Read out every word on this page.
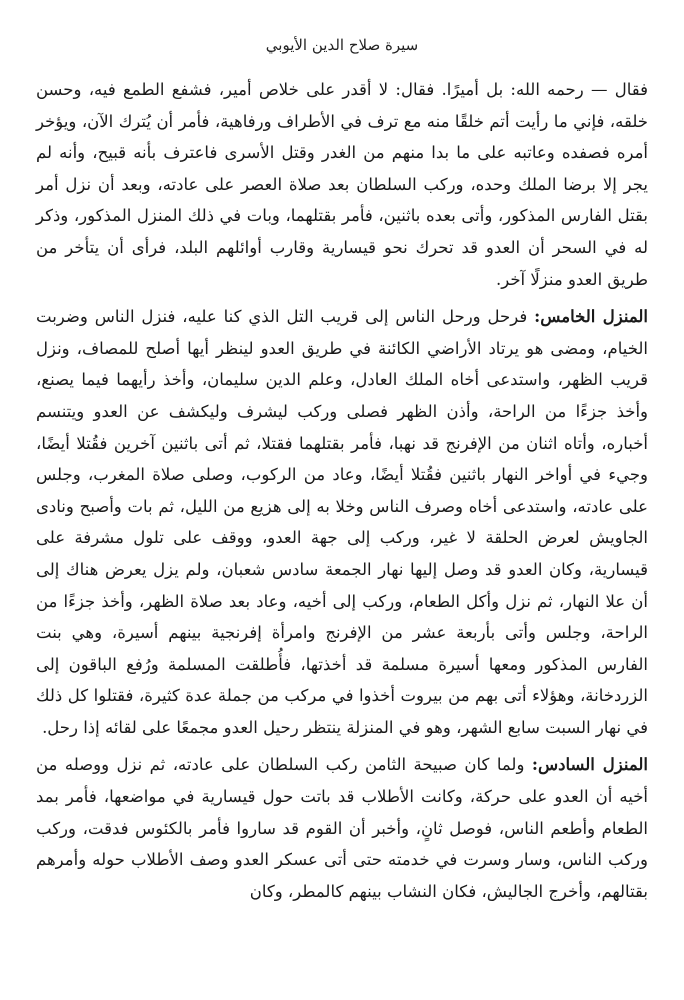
سيرة صلاح الدين الأيوبي

فقال — رحمه الله: بل أميرًا. فقال: لا أقدر على خلاص أمير، فشفع الطمع فيه، وحسن خلقه، فإني ما رأيت أتم خلقًا منه مع ترف في الأطراف ورفاهية، فأمر أن يُترك الآن، ويؤخر أمره فصفده وعاتبه على ما بدا منهم من الغدر وقتل الأسرى فاعترف بأنه قبيح، وأنه لم يجر إلا برضا الملك وحده، وركب السلطان بعد صلاة العصر على عادته، وبعد أن نزل أمر بقتل الفارس المذكور، وأتى بعده باثنين، فأمر بقتلهما، وبات في ذلك المنزل المذكور، وذكر له في السحر أن العدو قد تحرك نحو قيسارية وقارب أوائلهم البلد، فرأى أن يتأخر من طريق العدو منزلًا آخر.

المنزل الخامس: فرحل ورحل الناس إلى قريب التل الذي كنا عليه، فنزل الناس وضربت الخيام، ومضى هو يرتاد الأراضي الكائنة في طريق العدو لينظر أيها أصلح للمصاف، ونزل قريب الظهر، واستدعى أخاه الملك العادل، وعلم الدين سليمان، وأخذ رأيهما فيما يصنع، وأخذ جزءًا من الراحة، وأذن الظهر فصلى وركب ليشرف وليكشف عن العدو ويتنسم أخباره، وأتاه اثنان من الإفرنج قد نهبا، فأمر بقتلهما فقتلا، ثم أتى باثنين آخرين فقُتلا أيضًا، وجيء في أواخر النهار باثنين فقُتلا أيضًا، وعاد من الركوب، وصلى صلاة المغرب، وجلس على عادته، واستدعى أخاه وصرف الناس وخلا به إلى هزيع من الليل، ثم بات وأصبح ونادى الجاويش لعرض الحلقة لا غير، وركب إلى جهة العدو، ووقف على تلول مشرفة على قيسارية، وكان العدو قد وصل إليها نهار الجمعة سادس شعبان، ولم يزل يعرض هناك إلى أن علا النهار، ثم نزل وأكل الطعام، وركب إلى أخيه، وعاد بعد صلاة الظهر، وأخذ جزءًا من الراحة، وجلس وأتى بأربعة عشر من الإفرنج وامرأة إفرنجية بينهم أسيرة، وهي بنت الفارس المذكور ومعها أسيرة مسلمة قد أخذتها، فأُطلقت المسلمة ورُفع الباقون إلى الزردخانة، وهؤلاء أتى بهم من بيروت أخذوا في مركب من جملة عدة كثيرة، فقتلوا كل ذلك في نهار السبت سابع الشهر، وهو في المنزلة ينتظر رحيل العدو مجمعًا على لقائه إذا رحل.

المنزل السادس: ولما كان صبيحة الثامن ركب السلطان على عادته، ثم نزل ووصله من أخيه أن العدو على حركة، وكانت الأطلاب قد باتت حول قيسارية في مواضعها، فأمر بمد الطعام وأطعم الناس، فوصل ثانٍ، وأخبر أن القوم قد ساروا فأمر بالكئوس فدقت، وركب وركب الناس، وسار وسرت في خدمته حتى أتى عسكر العدو وصف الأطلاب حوله وأمرهم بقتالهم، وأخرج الجاليش، فكان النشاب بينهم كالمطر، وكان
